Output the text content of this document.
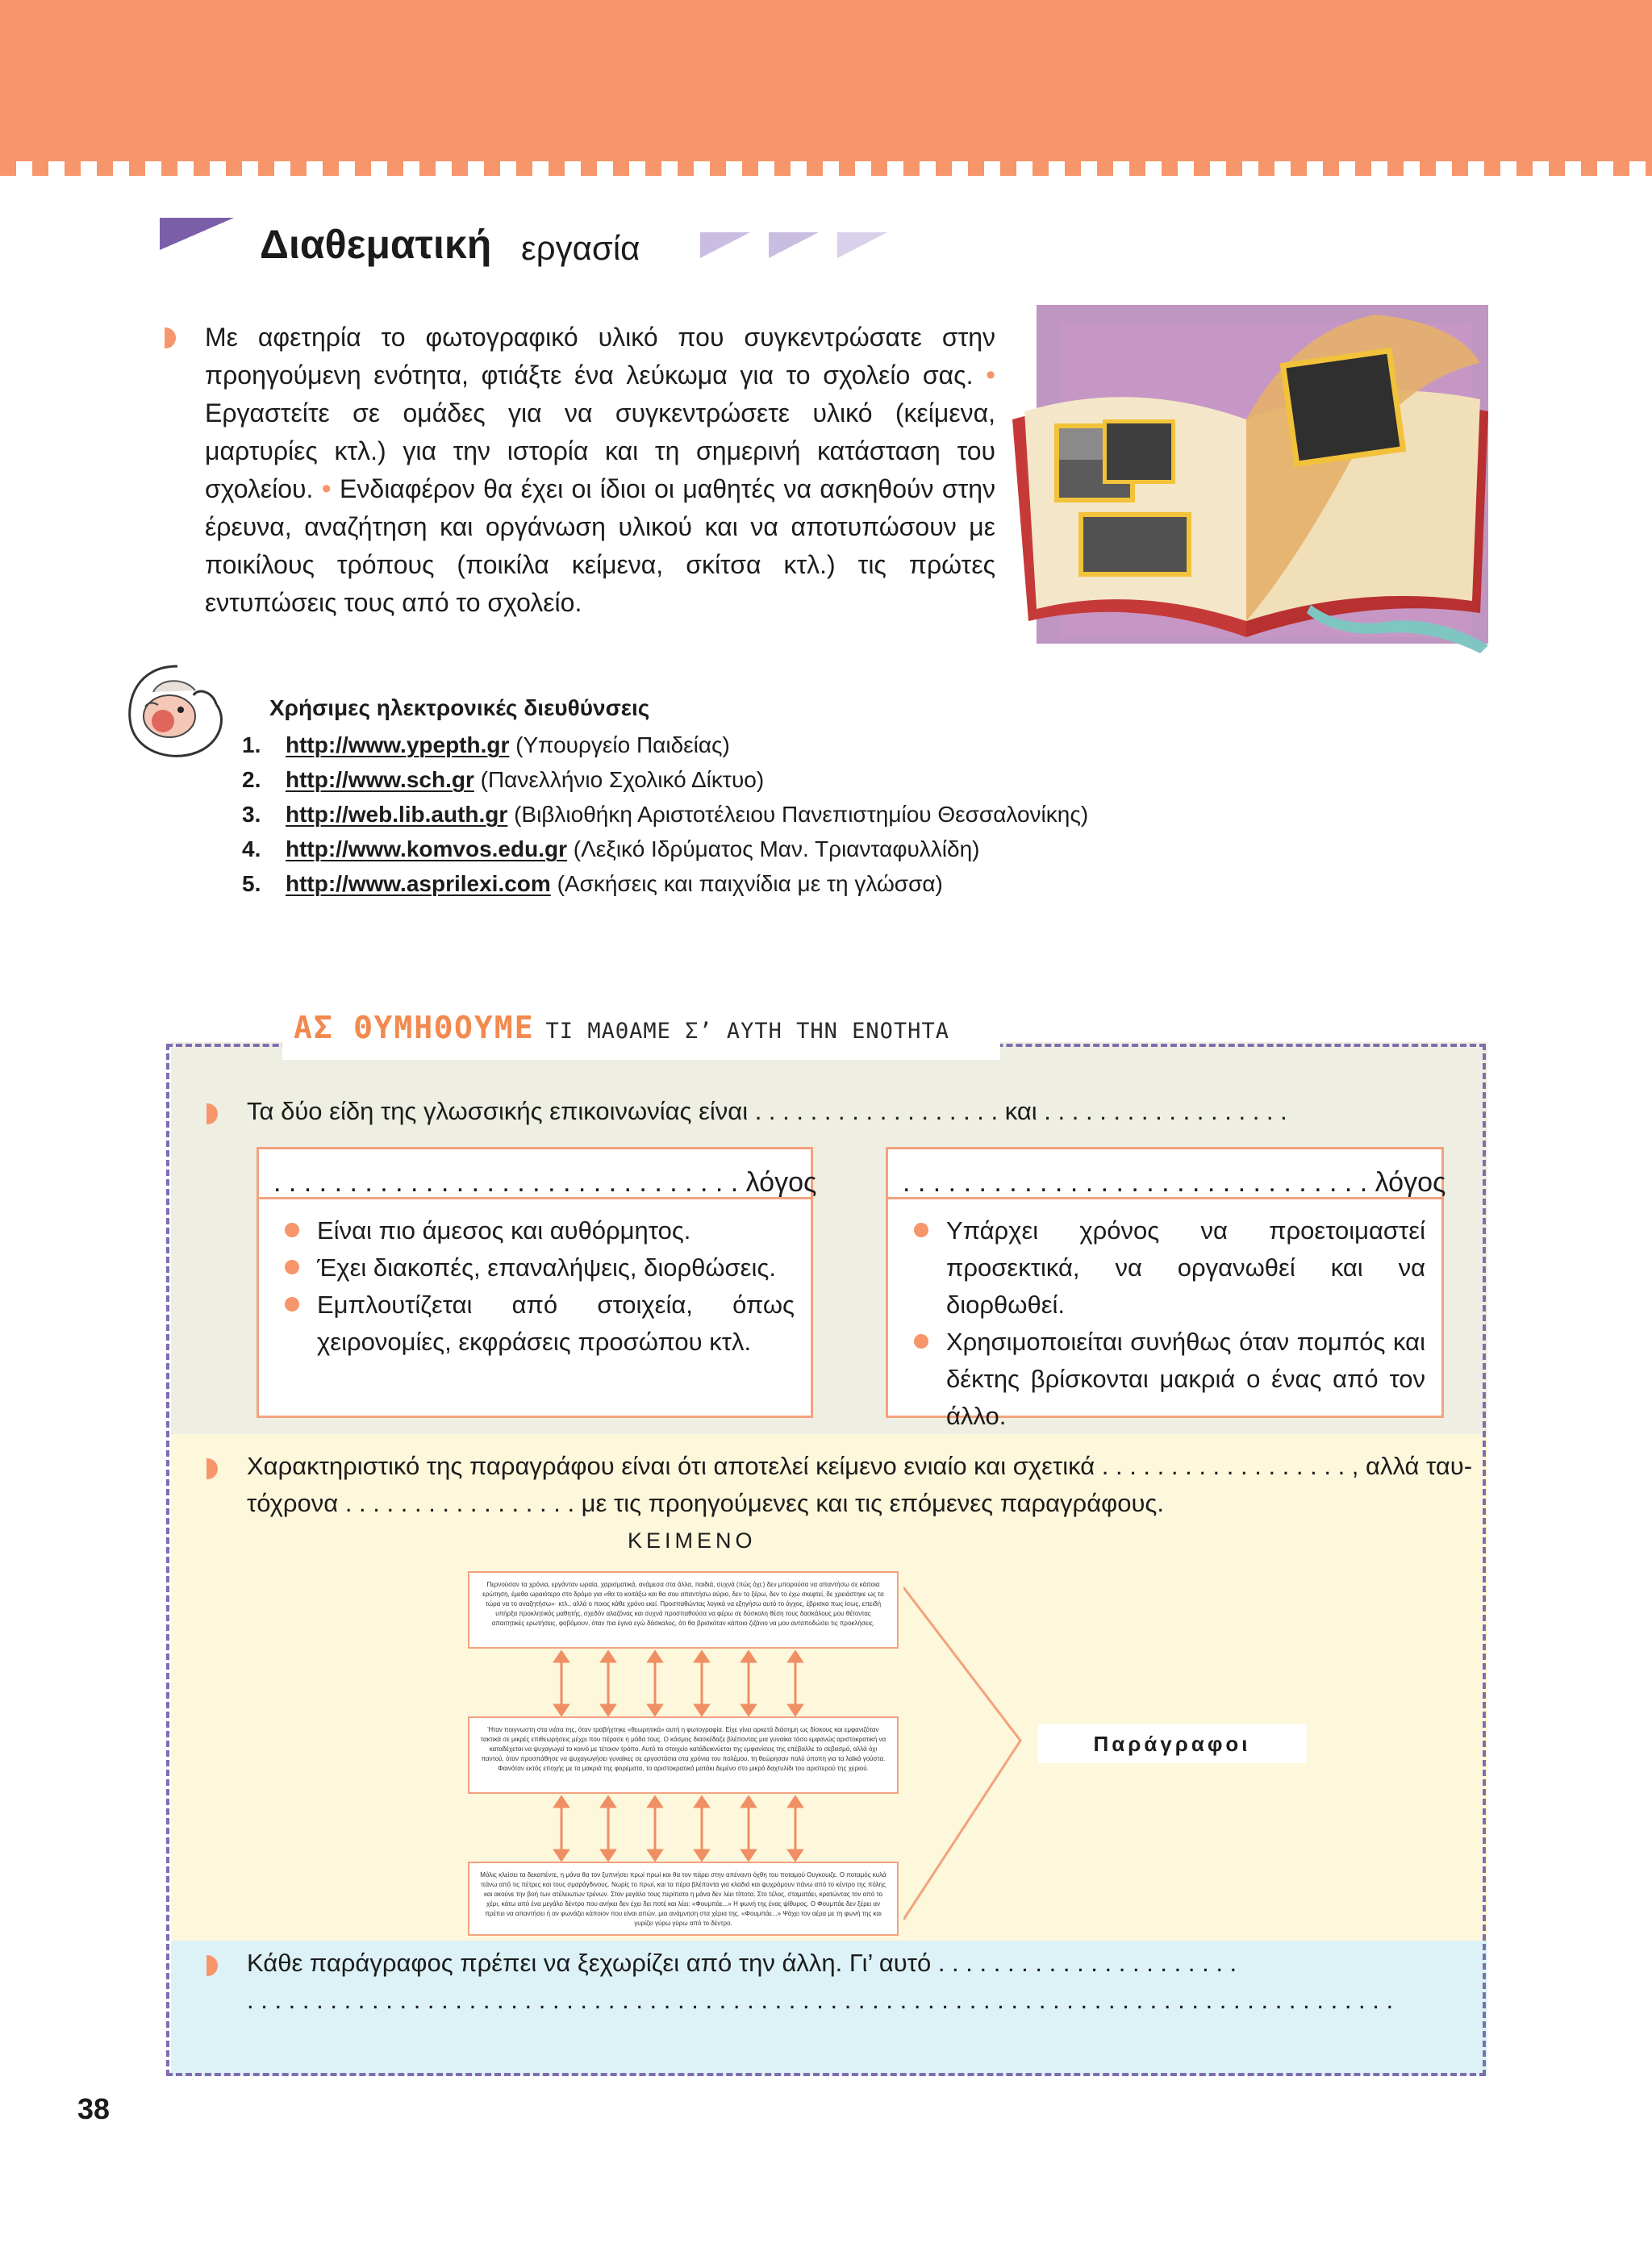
Διαθεματική εργασία
Με αφετηρία το φωτογραφικό υλικό που συγκεντρώσατε στην προηγούμενη ενότητα, φτιάξτε ένα λεύκωμα για το σχολείο σας. • Εργαστείτε σε ομάδες για να συγκεντρώσετε υλικό (κείμενα, μαρτυρίες κτλ.) για την ιστορία και τη σημερινή κατάσταση του σχολείου. • Ενδιαφέρον θα έχει οι ίδιοι οι μαθητές να ασκηθούν στην έρευνα, αναζήτηση και οργάνωση υλικού και να αποτυπώσουν με ποικίλους τρόπους (ποικίλα κείμενα, σκίτσα κτλ.) τις πρώτες εντυπώσεις τους από το σχολείο.
Χρήσιμες ηλεκτρονικές διευθύνσεις
1. http://www.ypepth.gr (Υπουργείο Παιδείας)
2. http://www.sch.gr (Πανελλήνιο Σχολικό Δίκτυο)
3. http://web.lib.auth.gr (Βιβλιοθήκη Αριστοτέλειου Πανεπιστημίου Θεσσαλονίκης)
4. http://www.komvos.edu.gr (Λεξικό Ιδρύματος Μαν. Τριανταφυλλίδη)
5. http://www.asprilexi.com (Ασκήσεις και παιχνίδια με τη γλώσσα)
ΑΣ ΘΥΜΗΘΟΥΜΕ ΤΙ ΜΑΘΑΜΕ Σ’ ΑΥΤΗ ΤΗΝ ΕΝΟΤΗΤΑ
Τα δύο είδη της γλωσσικής επικοινωνίας είναι . . . . . . . . . . . . . . . . . . και . . . . . . . . . . . . . . . . . .
. . . . . . . . . . . . . . . . . . . . . . . . . . . . . . . λόγος
Είναι πιο άμεσος και αυθόρμητος.
Έχει διακοπές, επαναλήψεις, διορθώσεις.
Εμπλουτίζεται από στοιχεία, όπως χειρονομίες, εκφράσεις προσώπου κτλ.
. . . . . . . . . . . . . . . . . . . . . . . . . . . . . . . λόγος
Υπάρχει χρόνος να προετοιμαστεί προσεκτικά, να οργανωθεί και να διορθωθεί.
Χρησιμοποιείται συνήθως όταν πομπός και δέκτης βρίσκονται μακριά ο ένας από τον άλλο.
Χαρακτηριστικό της παραγράφου είναι ότι αποτελεί κείμενο ενιαίο και σχετικά . . . . . . . . . . . . . . . . . . , αλλά ταυ-
τόχρονα . . . . . . . . . . . . . . . . . με τις προηγούμενες και τις επόμενες παραγράφους.
ΚΕΙΜΕΝΟ
Περνούσαν τα χρόνια, εργάνταν ωραία, χαρισματικά, ανάμεσα στα άλλα, παιδιά, συχνά (πώς όχι;) δεν μπορούσα να απαντήσω σε κάποια ερώτηση, έμεθα ωραιότερο στο δρόμο για «θα το κοιτάξω και θα σου απαντήσω αύριο, δεν το ξέρω, δεν το έχω σκεφτεί, δε χρειάστηκε ως τα τώρα να το αναζητήσω»· κτλ., αλλά ο ποιος κάθε χρόνο εκεί. Προσπαθώντας λογικά να εξηγήσω αυτό το άγχος, έβρισκα πως ίσως, επειδή υπήρξα προκλητικός μαθητής, σχεδόν αλαζόνας και συχνά προσπαθούσα να φέρω σε δύσκολη θέση τους δασκάλους μου θέτοντας απαιτητικές ερωτήσεις, φοβόμουν, όταν πια έγινα εγώ δάσκαλος, ότι θα βρισκόταν κάποιο ζιζάνιο να μου ανταποδώσει τις προκλήσεις.
Ήταν ποιγνωστη στα νιάτα της, όταν τραβήχτηκε «θεωρητικά» αυτή η φωτογραφία. Είχε γίνει αρκετά διάσημη ως δίσκους και εμφανιζόταν τακτικά σε μικρές επιθεωρήσεις μέχρι που πέρασε η μόδα τους. Ο κόσμος διασκέδαζε βλέποντας μια γυναίκα τόσο εμφανώς αριστοκρατική να καταδέχεται να ψυχαγωγεί το κοινό με τέτοιον τρόπο. Αυτό το στοιχείο κατάδεικνύεται της εμφανίσεις της επέβαλλε το σεβασμό, αλλά όχι παντού, όταν προσπάθησε να ψυχαγωγήσει γυναίκες σε εργοστάσια στα χρόνια του πολέμου, τη θεώρησαν πολύ ύποπη για τα λαϊκά γούστα. Φαινόταν εκτός εποχής με τα μακριά της φορέματα, το αριστοκρατικό ματάκι δεμένο στο μικρό δαχτυλίδι του αριστερού της χεριού.
Μόλις κλείσει τα δεκαπέντε, η μάνα θα τον ξυπνήσει πρωί πρωί και θα τον πάρει στην απέναντι όχθη του ποταμού Ουγκουιζε. Ο ποταμός κυλά πάνω από τις πέτρες και τους σμαράγδινους. Νωρίς το πρωί, και τα πέρα βλέποντα για κλαδιά και ψυχρόμουν πάνω από το κέντρο της πόλης και ακούνε την βοή των ατέλειωτων τρένων. Στον μεγάλο τους περίπατο η μάνα δεν λέει τίποτα. Στο τέλος, σταματάει, κρατώντας τον από το χέρι, κάτω από ένα μεγάλο δέντρο που ανήκει δεν έχει δει ποτέ και λέει: «Φουμπάε...» Η φωνή της ένας ψίθυρος. Ο Φουμπάε δεν ξέρει αν πρέπει να απαντήσει ή αν φωνάζει κάποιον που είναι απών, μια ανάμνηση στα χέρια της. «Φουμπάε...» Ψάχει τον αέρα με τη φωνή της και γυρίζει γύρω γύρω από το δέντρο.
Παράγραφοι
Κάθε παράγραφος πρέπει να ξεχωρίζει από την άλλη. Γι’ αυτό . . . . . . . . . . . . . . . . . . . . . .
. . . . . . . . . . . . . . . . . . . . . . . . . . . . . . . . . . . . . . . . . . . . . . . . . . . . . . . . . . . . . . . . . . . . . . . . . . . . . . . . . . .
38
